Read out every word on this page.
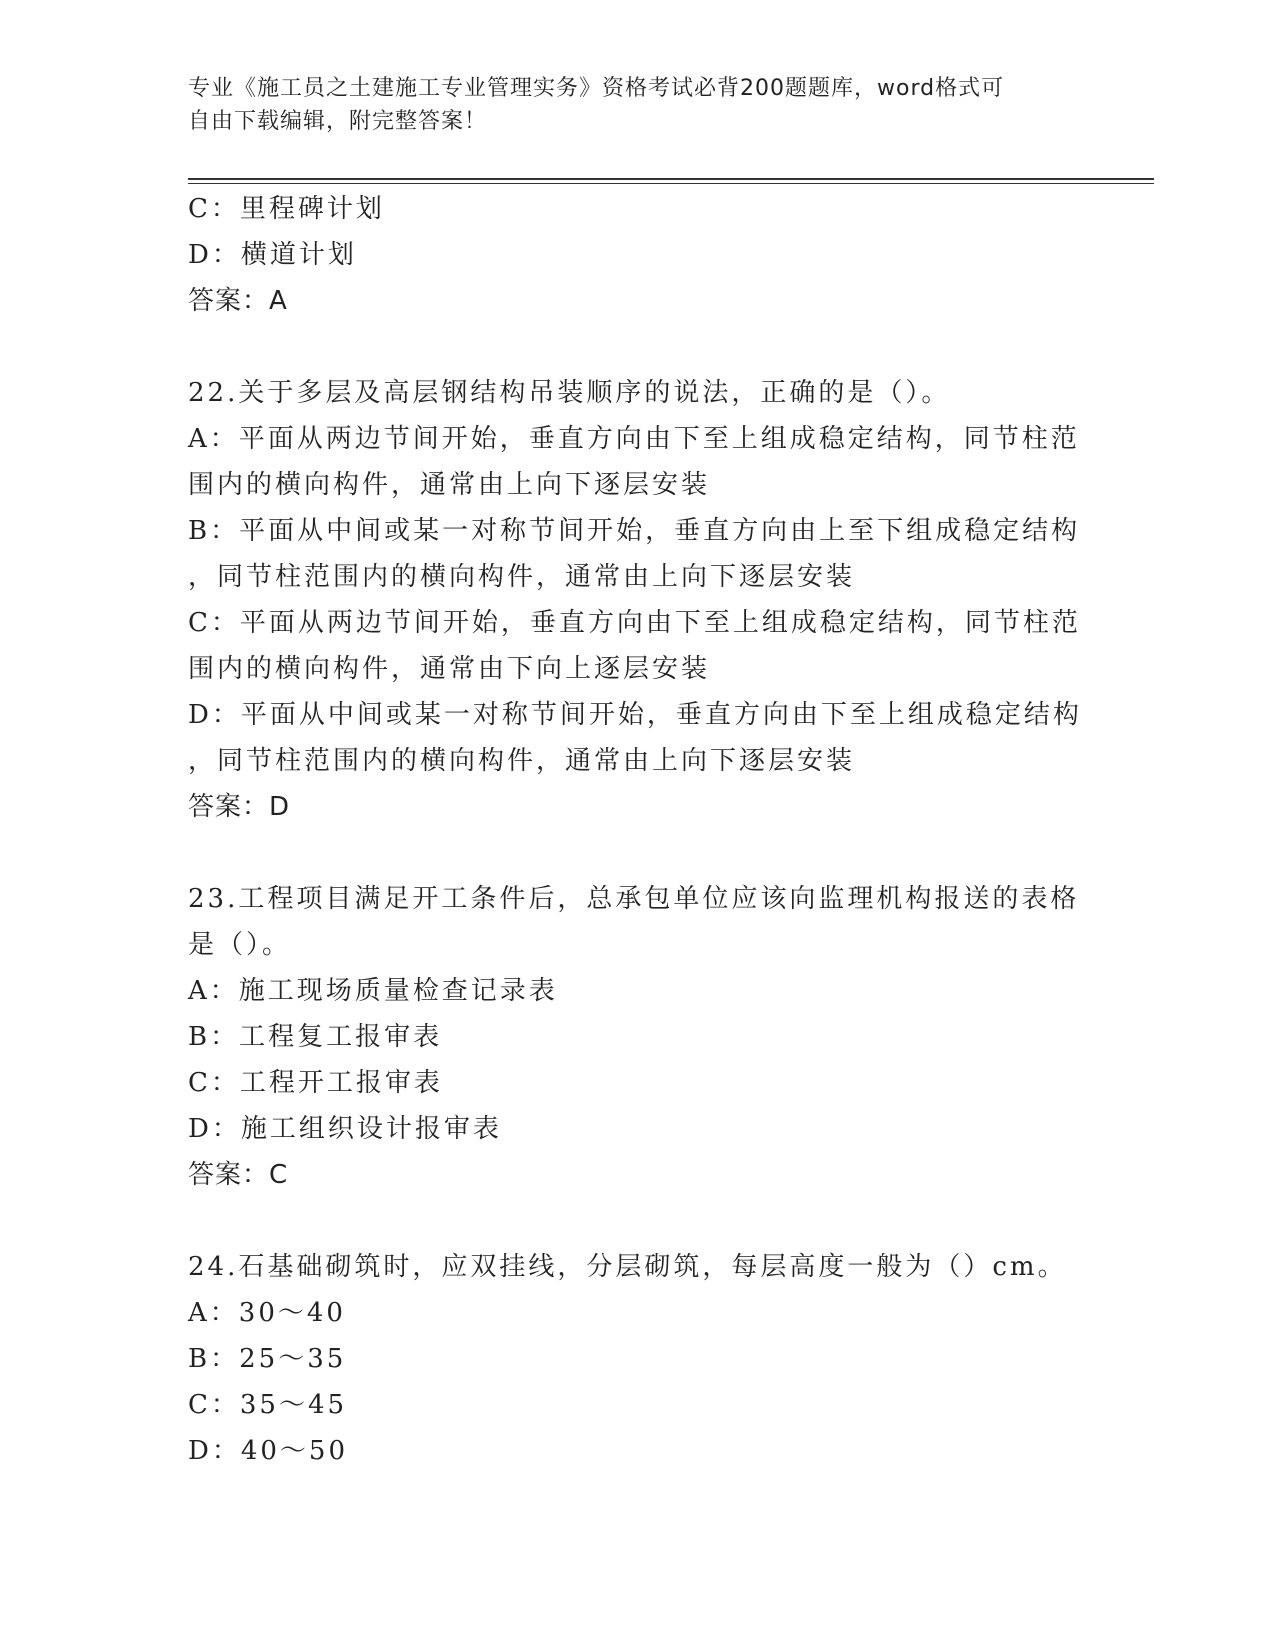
专业《施工员之土建施工专业管理实务》资格考试必背200题题库，word格式可
自由下载编辑，附完整答案！
C：里程碑计划
D：横道计划
答案：A
22.关于多层及高层钢结构吊装顺序的说法，正确的是（）。
A：平面从两边节间开始，垂直方向由下至上组成稳定结构，同节柱范
围内的横向构件，通常由上向下逐层安装
B：平面从中间或某一对称节间开始，垂直方向由上至下组成稳定结构
，同节柱范围内的横向构件，通常由上向下逐层安装
C：平面从两边节间开始，垂直方向由下至上组成稳定结构，同节柱范
围内的横向构件，通常由下向上逐层安装
D：平面从中间或某一对称节间开始，垂直方向由下至上组成稳定结构
，同节柱范围内的横向构件，通常由上向下逐层安装
答案：D
23.工程项目满足开工条件后，总承包单位应该向监理机构报送的表格
是（）。
A：施工现场质量检查记录表
B：工程复工报审表
C：工程开工报审表
D：施工组织设计报审表
答案：C
24.石基础砌筑时，应双挂线，分层砌筑，每层高度一般为（）cm。
A：30～40
B：25～35
C：35～45
D：40～50
